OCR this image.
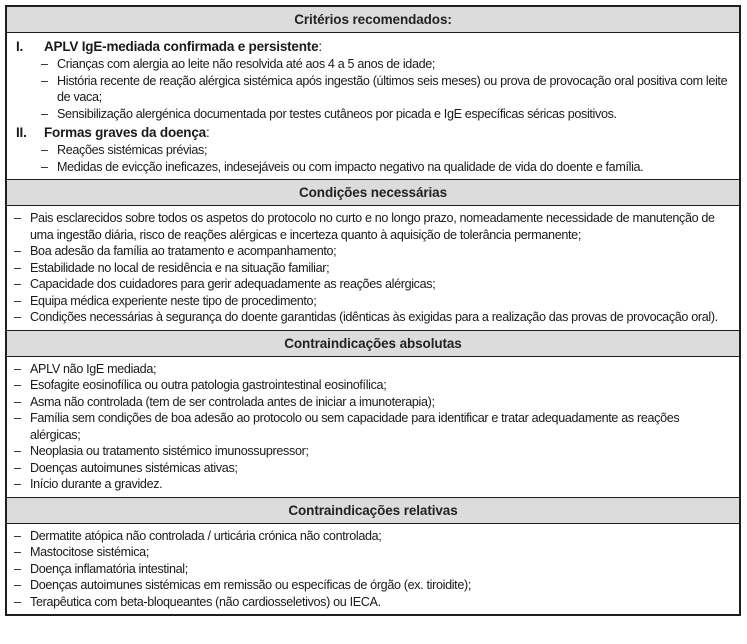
Critérios recomendados:
I. APLV IgE-mediada confirmada e persistente:
– Crianças com alergia ao leite não resolvida até aos 4 a 5 anos de idade;
– História recente de reação alérgica sistémica após ingestão (últimos seis meses) ou prova de provocação oral positiva com leite de vaca;
– Sensibilização alergénica documentada por testes cutâneos por picada e IgE específicas séricas positivos.
II. Formas graves da doença:
– Reações sistémicas prévias;
– Medidas de evicção ineficazes, indesejáveis ou com impacto negativo na qualidade de vida do doente e família.
Condições necessárias
– Pais esclarecidos sobre todos os aspetos do protocolo no curto e no longo prazo, nomeadamente necessidade de manutenção de uma ingestão diária, risco de reações alérgicas e incerteza quanto à aquisição de tolerância permanente;
– Boa adesão da família ao tratamento e acompanhamento;
– Estabilidade no local de residência e na situação familiar;
– Capacidade dos cuidadores para gerir adequadamente as reações alérgicas;
– Equipa médica experiente neste tipo de procedimento;
– Condições necessárias à segurança do doente garantidas (idênticas às exigidas para a realização das provas de provocação oral).
Contraindicações absolutas
– APLV não IgE mediada;
– Esofagite eosinofílica ou outra patologia gastrointestinal eosinofílica;
– Asma não controlada (tem de ser controlada antes de iniciar a imunoterapia);
– Família sem condições de boa adesão ao protocolo ou sem capacidade para identificar e tratar adequadamente as reações alérgicas;
– Neoplasia ou tratamento sistémico imunossupressor;
– Doenças autoimunes sistémicas ativas;
– Início durante a gravidez.
Contraindicações relativas
– Dermatite atópica não controlada / urticária crónica não controlada;
– Mastocitose sistémica;
– Doença inflamatória intestinal;
– Doenças autoimunes sistémicas em remissão ou específicas de órgão (ex. tiroidite);
– Terapêutica com beta-bloqueantes (não cardiosseletivos) ou IECA.
